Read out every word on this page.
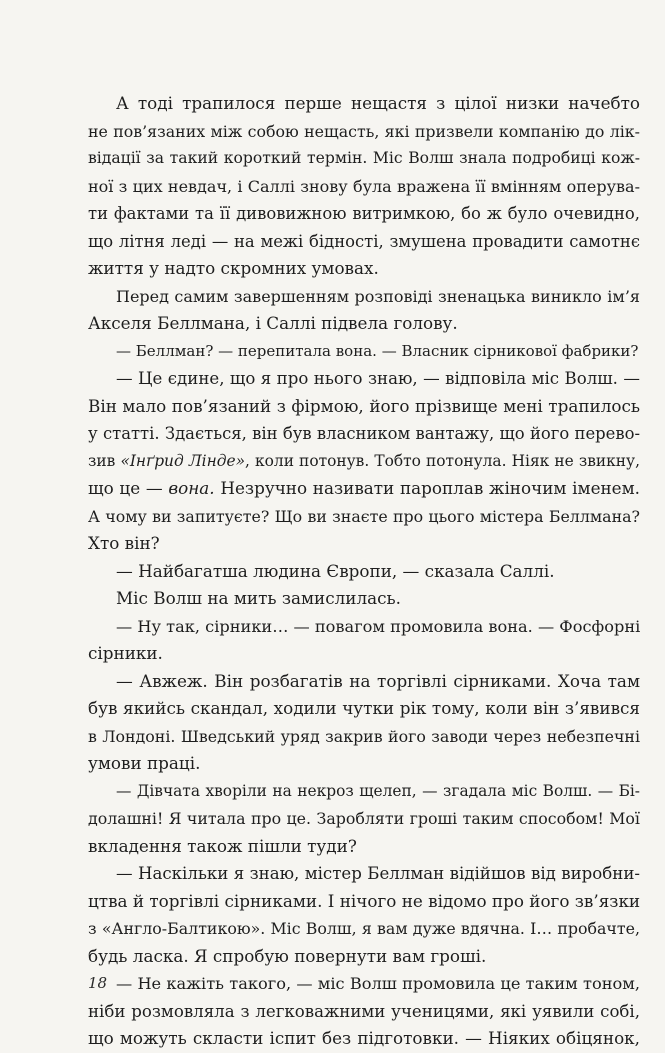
А тоді трапилося перше нещастя з цілої низки начебто
не пов’язаних між собою нещасть, які призвели компанію до лік-
відації за такий короткий термін. Міс Волш знала подробиці кож-
ної з цих невдач, і Саллі знову була вражена її вмінням оперува-
ти фактами та її дивовижною витримкою, бо ж було очевидно,
що літня леді — на межі бідності, змушена провадити самотнє
життя у надто скромних умовах.
Перед самим завершенням розповіді зненацька виникло ім’я
Акселя Беллмана, і Саллі підвела голову.
— Беллман? — перепитала вона. — Власник сірникової фабрики?
— Це єдине, що я про нього знаю, — відповіла міс Волш. —
Він мало пов’язаний з фірмою, його прізвище мені трапилось
у статті. Здається, він був власником вантажу, що його перево-
зив «Інґрид Лінде», коли потонув. Тобто потонула. Ніяк не звикну,
що це — вона. Незручно називати пароплав жіночим іменем.
А чому ви запитуєте? Що ви знаєте про цього містера Беллмана?
Хто він?
— Найбагатша людина Європи, — сказала Саллі.
Міс Волш на мить замислилась.
— Ну так, сірники… — повагом промовила вона. — Фосфорні
сірники.
— Авжеж. Він розбагатів на торгівлі сірниками. Хоча там
був якийсь скандал, ходили чутки рік тому, коли він з’явився
в Лондоні. Шведський уряд закрив його заводи через небезпечні
умови праці.
— Дівчата хворіли на некроз щелеп, — згадала міс Волш. — Бі-
долашні! Я читала про це. Заробляти гроші таким способом! Мої
вкладення також пішли туди?
— Наскільки я знаю, містер Беллман відійшов від виробни-
цтва й торгівлі сірниками. І нічого не відомо про його зв’язки
з «Англо-Балтикою». Міс Волш, я вам дуже вдячна. І… пробачте,
будь ласка. Я спробую повернути вам гроші.
— Не кажіть такого, — міс Волш промовила це таким тоном,
ніби розмовляла з легковажними ученицями, які уявили собі,
що можуть скласти іспит без підготовки. — Ніяких обіцянок,
18
